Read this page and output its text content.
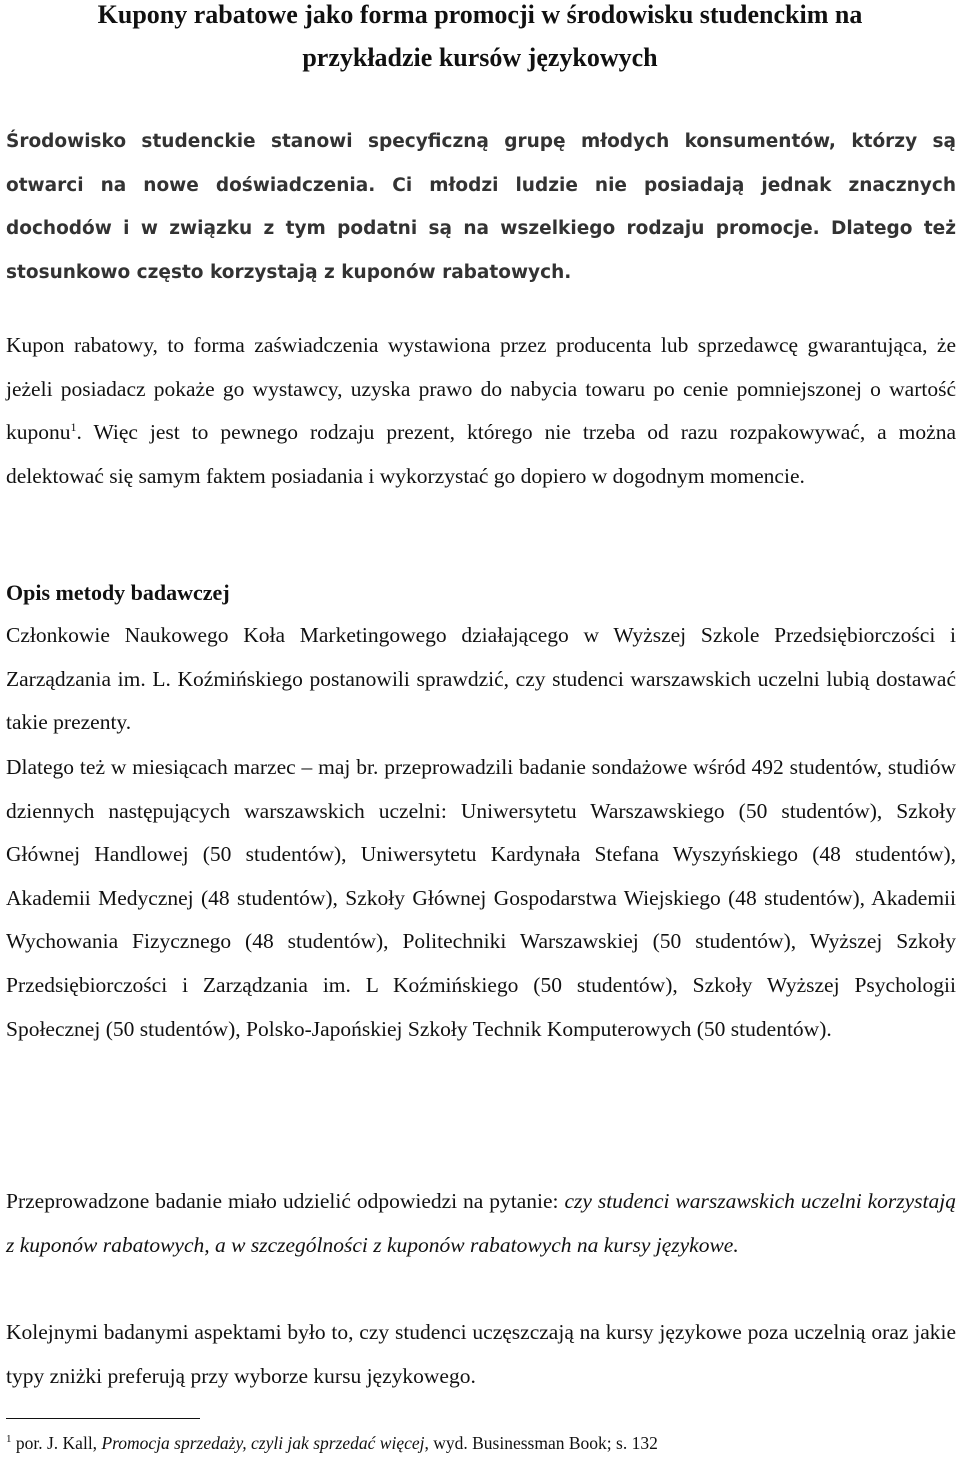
Kupony rabatowe jako forma promocji w środowisku studenckim na
przykładzie kursów językowych

Środowisko studenckie stanowi specyficzną grupę młodych konsumentów, którzy są otwarci na nowe doświadczenia. Ci młodzi ludzie nie posiadają jednak znacznych dochodów i w związku z tym podatni są na wszelkiego rodzaju promocje. Dlatego też stosunkowo często korzystają z kuponów rabatowych.

Kupon rabatowy, to forma zaświadczenia wystawiona przez producenta lub sprzedawcę gwarantująca, że jeżeli posiadacz pokaże go wystawcy, uzyska prawo do nabycia towaru po cenie pomniejszonej o wartość kuponu$^1$. Więc jest to pewnego rodzaju prezent, którego nie trzeba od razu rozpakowywać, a można delektować się samym faktem posiadania i wykorzystać go dopiero w dogodnym momencie.

Opis metody badawczej

Członkowie Naukowego Koła Marketingowego działającego w Wyższej Szkole Przedsiębiorczości i Zarządzania im. L. Koźmińskiego postanowili sprawdzić, czy studenci warszawskich uczelni lubią dostawać takie prezenty.

Dlatego też w miesiącach marzec – maj br. przeprowadzili badanie sondażowe wśród 492 studentów, studiów dziennych następujących warszawskich uczelni: Uniwersytetu Warszawskiego (50 studentów), Szkoły Głównej Handlowej (50 studentów), Uniwersytetu Kardynała Stefana Wyszyńskiego (48 studentów), Akademii Medycznej (48 studentów), Szkoły Głównej Gospodarstwa Wiejskiego (48 studentów), Akademii Wychowania Fizycznego (48 studentów), Politechniki Warszawskiej (50 studentów), Wyższej Szkoły Przedsiębiorczości i Zarządzania im. L Koźmińskiego (50 studentów), Szkoły Wyższej Psychologii Społecznej (50 studentów), Polsko-Japońskiej Szkoły Technik Komputerowych (50 studentów).

Przeprowadzone badanie miało udzielić odpowiedzi na pytanie: czy studenci warszawskich uczelni korzystają z kuponów rabatowych, a w szczególności z kuponów rabatowych na kursy językowe.

Kolejnymi badanymi aspektami było to, czy studenci uczęszczają na kursy językowe poza uczelnią oraz jakie typy zniżki preferują przy wyborze kursu językowego.

$^1$ por. J. Kall, Promocja sprzedaży, czyli jak sprzedać więcej, wyd. Businessman Book; s. 132
